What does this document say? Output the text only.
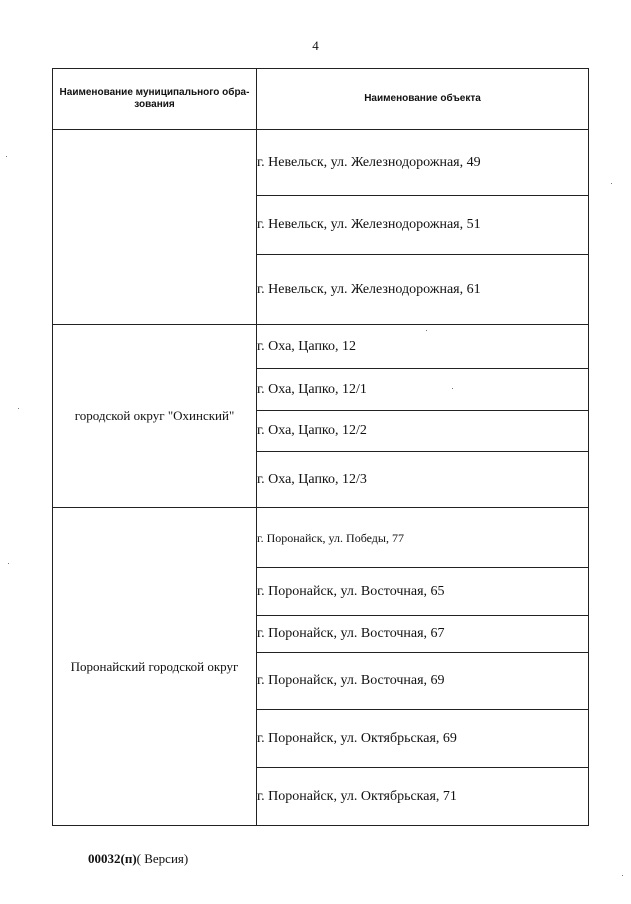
4
Наименование муниципального обра-
зования	Наименование объекта
	г. Невельск, ул. Железнодорожная, 49
	г. Невельск, ул. Железнодорожная, 51
	г. Невельск, ул. Железнодорожная, 61
городской округ "Охинский"	г. Оха, Цапко, 12
	г. Оха, Цапко, 12/1
	г. Оха, Цапко, 12/2
	г. Оха, Цапко, 12/3
Поронайский городской округ	г. Поронайск, ул. Победы, 77
	г. Поронайск, ул. Восточная, 65
	г. Поронайск, ул. Восточная, 67
	г. Поронайск, ул. Восточная, 69
	г. Поронайск, ул. Октябрьская, 69
	г. Поронайск, ул. Октябрьская, 71
00032(п)( Версия)
